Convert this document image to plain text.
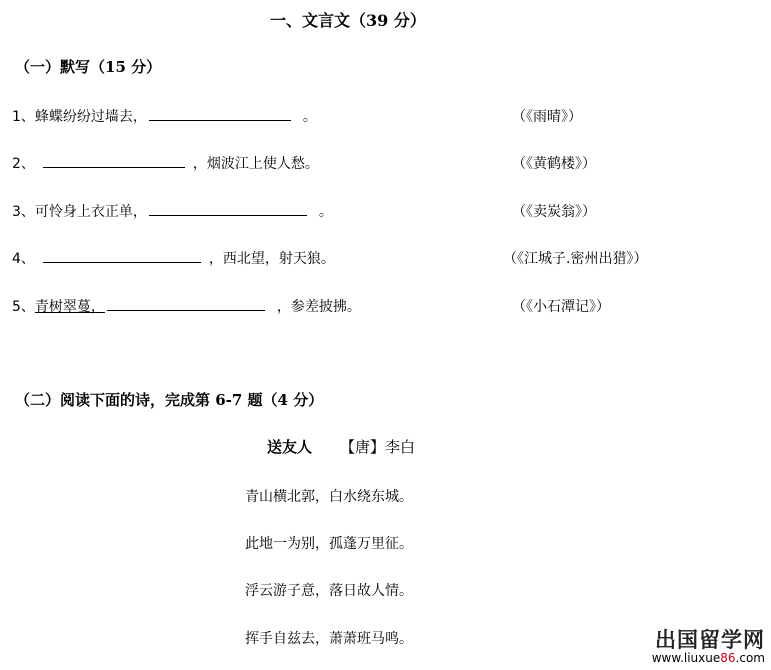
一、文言文（39 分）
（一）默写（15 分）
1、蜂蝶纷纷过墙去，	。	（《雨晴》）
2、	，烟波江上使人愁。	（《黄鹤楼》）
3、可怜身上衣正单，	。	（《卖炭翁》）
4、	，西北望，射天狼。	（《江城子.密州出猎》）
5、青树翠蔓，	，参差披拂。	（《小石潭记》）
（二）阅读下面的诗，完成第 6-7 题（4 分）
送友人 【唐】李白
青山横北郭，白水绕东城。
此地一为别，孤蓬万里征。
浮云游子意，落日故人情。
挥手自兹去，萧萧班马鸣。	出国留学网
www.liuxue86.com
